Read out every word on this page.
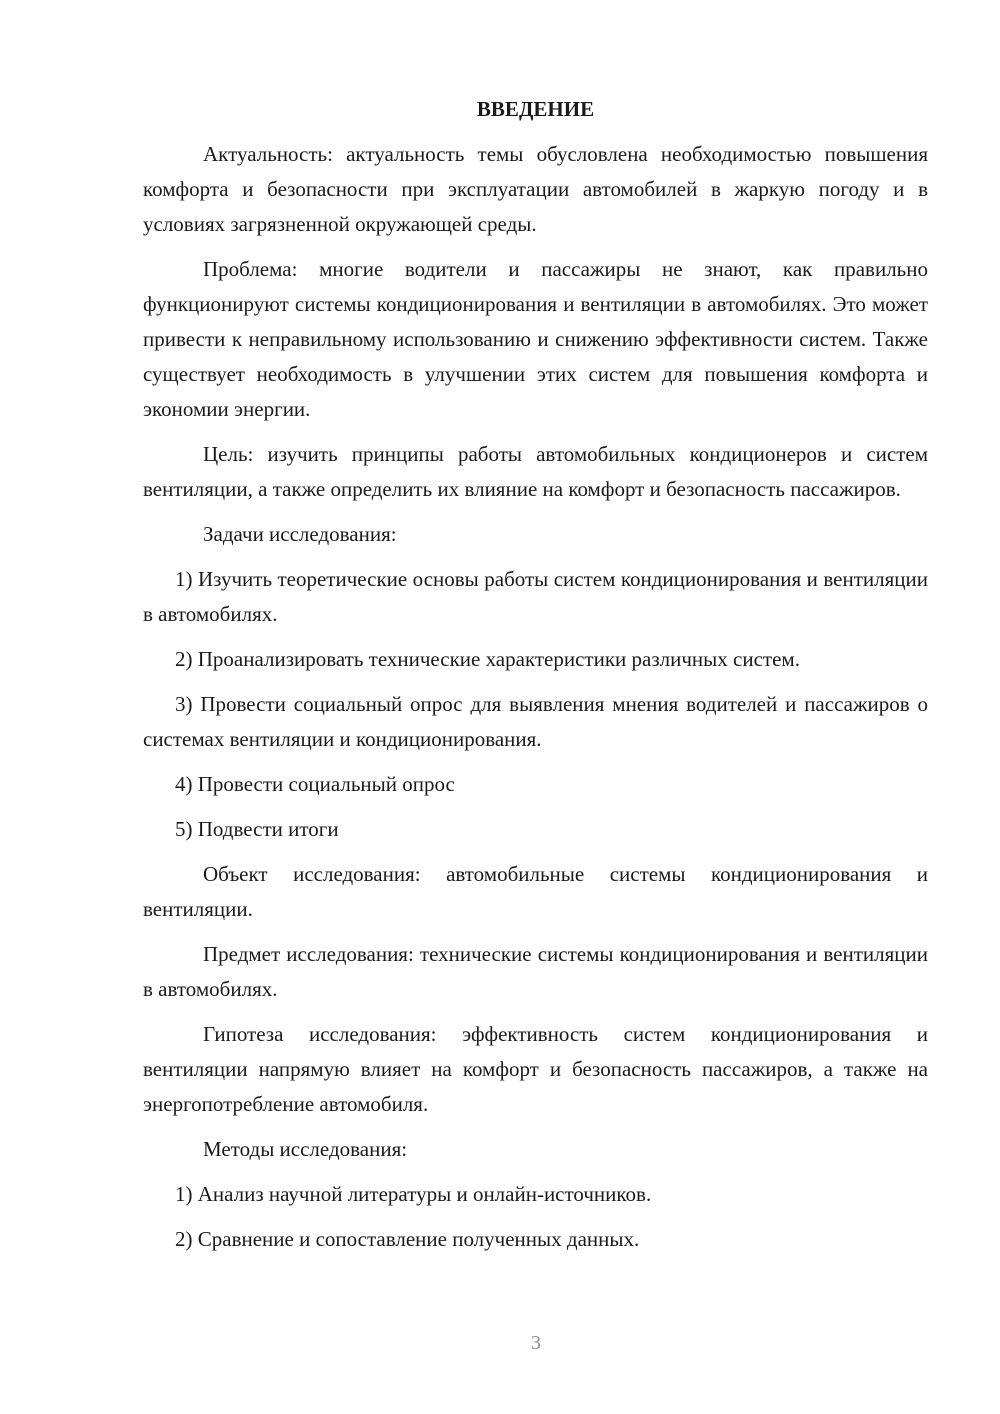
ВВЕДЕНИЕ

Актуальность: актуальность темы обусловлена необходимостью повышения комфорта и безопасности при эксплуатации автомобилей в жаркую погоду и в условиях загрязненной окружающей среды.

Проблема: многие водители и пассажиры не знают, как правильно функционируют системы кондиционирования и вентиляции в автомобилях. Это может привести к неправильному использованию и снижению эффективности систем. Также существует необходимость в улучшении этих систем для повышения комфорта и экономии энергии.

Цель: изучить принципы работы автомобильных кондиционеров и систем вентиляции, а также определить их влияние на комфорт и безопасность пассажиров.

Задачи исследования:

1) Изучить теоретические основы работы систем кондиционирования и вентиляции в автомобилях.

2) Проанализировать технические характеристики различных систем.

3) Провести социальный опрос для выявления мнения водителей и пассажиров о системах вентиляции и кондиционирования.

4) Провести социальный опрос

5) Подвести итоги

Объект исследования: автомобильные системы кондиционирования и вентиляции.

Предмет исследования: технические системы кондиционирования и вентиляции в автомобилях.

Гипотеза исследования: эффективность систем кондиционирования и вентиляции напрямую влияет на комфорт и безопасность пассажиров, а также на энергопотребление автомобиля.

Методы исследования:

1) Анализ научной литературы и онлайн-источников.

2) Сравнение и сопоставление полученных данных.

3
